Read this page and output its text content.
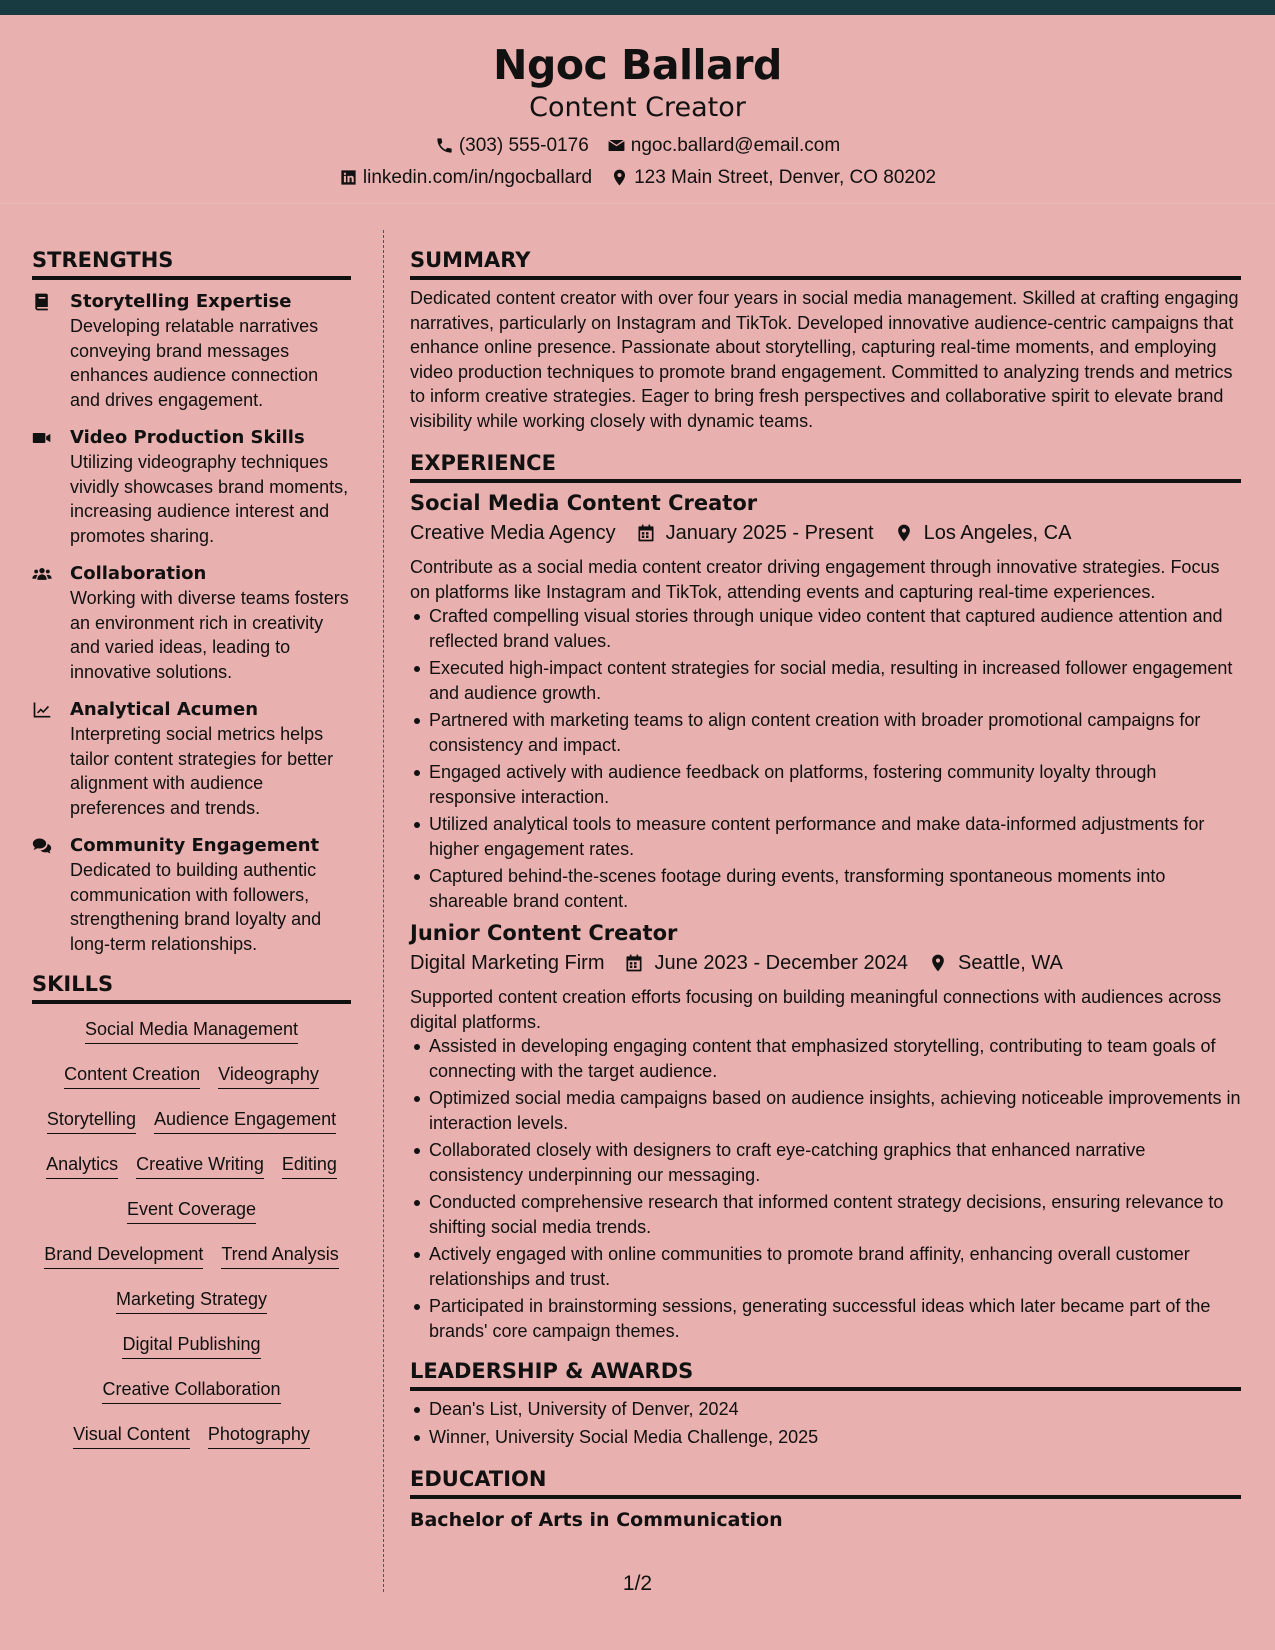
Ngoc Ballard
Content Creator
(303) 555-0176 ngoc.ballard@email.com
linkedin.com/in/ngocballard 123 Main Street, Denver, CO 80202
STRENGTHS
Storytelling Expertise
Developing relatable narratives conveying brand messages enhances audience connection and drives engagement.
Video Production Skills
Utilizing videography techniques vividly showcases brand moments, increasing audience interest and promotes sharing.
Collaboration
Working with diverse teams fosters an environment rich in creativity and varied ideas, leading to innovative solutions.
Analytical Acumen
Interpreting social metrics helps tailor content strategies for better alignment with audience preferences and trends.
Community Engagement
Dedicated to building authentic communication with followers, strengthening brand loyalty and long-term relationships.
SKILLS
Social Media Management
Content Creation Videography
Storytelling Audience Engagement
Analytics Creative Writing Editing
Event Coverage
Brand Development Trend Analysis
Marketing Strategy
Digital Publishing
Creative Collaboration
Visual Content Photography
SUMMARY
Dedicated content creator with over four years in social media management. Skilled at crafting engaging narratives, particularly on Instagram and TikTok. Developed innovative audience-centric campaigns that enhance online presence. Passionate about storytelling, capturing real-time moments, and employing video production techniques to promote brand engagement. Committed to analyzing trends and metrics to inform creative strategies. Eager to bring fresh perspectives and collaborative spirit to elevate brand visibility while working closely with dynamic teams.
EXPERIENCE
Social Media Content Creator
Creative Media Agency	January 2025 - Present	Los Angeles, CA
Contribute as a social media content creator driving engagement through innovative strategies. Focus on platforms like Instagram and TikTok, attending events and capturing real-time experiences.
Crafted compelling visual stories through unique video content that captured audience attention and reflected brand values.
Executed high-impact content strategies for social media, resulting in increased follower engagement and audience growth.
Partnered with marketing teams to align content creation with broader promotional campaigns for consistency and impact.
Engaged actively with audience feedback on platforms, fostering community loyalty through responsive interaction.
Utilized analytical tools to measure content performance and make data-informed adjustments for higher engagement rates.
Captured behind-the-scenes footage during events, transforming spontaneous moments into shareable brand content.
Junior Content Creator
Digital Marketing Firm	June 2023 - December 2024	Seattle, WA
Supported content creation efforts focusing on building meaningful connections with audiences across digital platforms.
Assisted in developing engaging content that emphasized storytelling, contributing to team goals of connecting with the target audience.
Optimized social media campaigns based on audience insights, achieving noticeable improvements in interaction levels.
Collaborated closely with designers to craft eye-catching graphics that enhanced narrative consistency underpinning our messaging.
Conducted comprehensive research that informed content strategy decisions, ensuring relevance to shifting social media trends.
Actively engaged with online communities to promote brand affinity, enhancing overall customer relationships and trust.
Participated in brainstorming sessions, generating successful ideas which later became part of the brands' core campaign themes.
LEADERSHIP & AWARDS
Dean's List, University of Denver, 2024
Winner, University Social Media Challenge, 2025
EDUCATION
Bachelor of Arts in Communication
1/2
